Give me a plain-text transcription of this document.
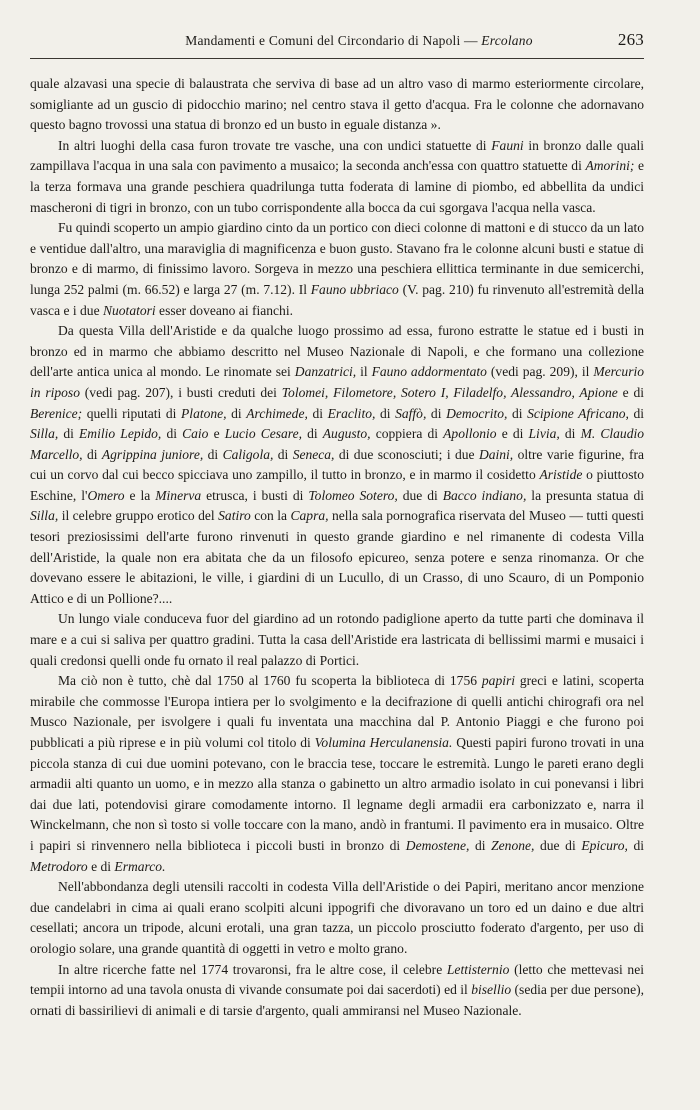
Mandamenti e Comuni del Circondario di Napoli — Ercolano	263

quale alzavasi una specie di balaustrata che serviva di base ad un altro vaso di marmo esteriormente circolare, somigliante ad un guscio di pidocchio marino; nel centro stava il getto d'acqua. Fra le colonne che adornavano questo bagno trovossi una statua di bronzo ed un busto in eguale distanza ».

In altri luoghi della casa furon trovate tre vasche, una con undici statuette di Fauni in bronzo dalle quali zampillava l'acqua in una sala con pavimento a musaico; la seconda anch'essa con quattro statuette di Amorini; e la terza formava una grande peschiera quadrilunga tutta foderata di lamine di piombo, ed abbellita da undici mascheroni di tigri in bronzo, con un tubo corrispondente alla bocca da cui sgorgava l'acqua nella vasca.

Fu quindi scoperto un ampio giardino cinto da un portico con dieci colonne di mattoni e di stucco da un lato e ventidue dall'altro, una maraviglia di magnificenza e buon gusto. Stavano fra le colonne alcuni busti e statue di bronzo e di marmo, di finissimo lavoro. Sorgeva in mezzo una peschiera ellittica terminante in due semicerchi, lunga 252 palmi (m. 66.52) e larga 27 (m. 7.12). Il Fauno ubbriaco (V. pag. 210) fu rinvenuto all'estremità della vasca e i due Nuotatori esser doveano ai fianchi.

Da questa Villa dell'Aristide e da qualche luogo prossimo ad essa, furono estratte le statue ed i busti in bronzo ed in marmo che abbiamo descritto nel Museo Nazionale di Napoli, e che formano una collezione dell'arte antica unica al mondo. Le rinomate sei Danzatrici, il Fauno addormentato (vedi pag. 209), il Mercurio in riposo (vedi pag. 207), i busti creduti dei Tolomei, Filometore, Sotero I, Filadelfo, Alessandro, Apione e di Berenice; quelli riputati di Platone, di Archimede, di Eraclito, di Saffò, di Democrito, di Scipione Africano, di Silla, di Emilio Lepido, di Caio e Lucio Cesare, di Augusto, coppiera di Apollonio e di Livia, di M. Claudio Marcello, di Agrippina juniore, di Caligola, di Seneca, di due sconosciuti; i due Daini, oltre varie figurine, fra cui un corvo dal cui becco spicciava uno zampillo, il tutto in bronzo, e in marmo il cosidetto Aristide o piuttosto Eschine, l'Omero e la Minerva etrusca, i busti di Tolomeo Sotero, due di Bacco indiano, la presunta statua di Silla, il celebre gruppo erotico del Satiro con la Capra, nella sala pornografica riservata del Museo — tutti questi tesori preziosissimi dell'arte furono rinvenuti in questo grande giardino e nel rimanente di codesta Villa dell'Aristide, la quale non era abitata che da un filosofo epicureo, senza potere e senza rinomanza. Or che dovevano essere le abitazioni, le ville, i giardini di un Lucullo, di un Crasso, di uno Scauro, di un Pomponio Attico e di un Pollione?....

Un lungo viale conduceva fuor del giardino ad un rotondo padiglione aperto da tutte parti che dominava il mare e a cui si saliva per quattro gradini. Tutta la casa dell'Aristide era lastricata di bellissimi marmi e musaici i quali credonsi quelli onde fu ornato il real palazzo di Portici.

Ma ciò non è tutto, chè dal 1750 al 1760 fu scoperta la biblioteca di 1756 papiri greci e latini, scoperta mirabile che commosse l'Europa intiera per lo svolgimento e la decifrazione di quelli antichi chirografi ora nel Musco Nazionale, per isvolgere i quali fu inventata una macchina dal P. Antonio Piaggi e che furono poi pubblicati a più riprese e in più volumi col titolo di Volumina Herculanensia. Questi papiri furono trovati in una piccola stanza di cui due uomini potevano, con le braccia tese, toccare le estremità. Lungo le pareti erano degli armadii alti quanto un uomo, e in mezzo alla stanza o gabinetto un altro armadio isolato in cui ponevansi i libri dai due lati, potendovisi girare comodamente intorno. Il legname degli armadii era carbonizzato e, narra il Winckelmann, che non sì tosto si volle toccare con la mano, andò in frantumi. Il pavimento era in musaico. Oltre i papiri si rinvennero nella biblioteca i piccoli busti in bronzo di Demostene, di Zenone, due di Epicuro, di Metrodoro e di Ermarco.

Nell'abbondanza degli utensili raccolti in codesta Villa dell'Aristide o dei Papiri, meritano ancor menzione due candelabri in cima ai quali erano scolpiti alcuni ippogrifi che divoravano un toro ed un daino e due altri cesellati; ancora un tripode, alcuni erotali, una gran tazza, un piccolo prosciutto foderato d'argento, per uso di orologio solare, una grande quantità di oggetti in vetro e molto grano.

In altre ricerche fatte nel 1774 trovaronsi, fra le altre cose, il celebre Lettisternio (letto che mettevasi nei tempii intorno ad una tavola onusta di vivande consumate poi dai sacerdoti) ed il bisellio (sedia per due persone), ornati di bassirilievi di animali e di tarsie d'argento, quali ammiransi nel Museo Nazionale.
